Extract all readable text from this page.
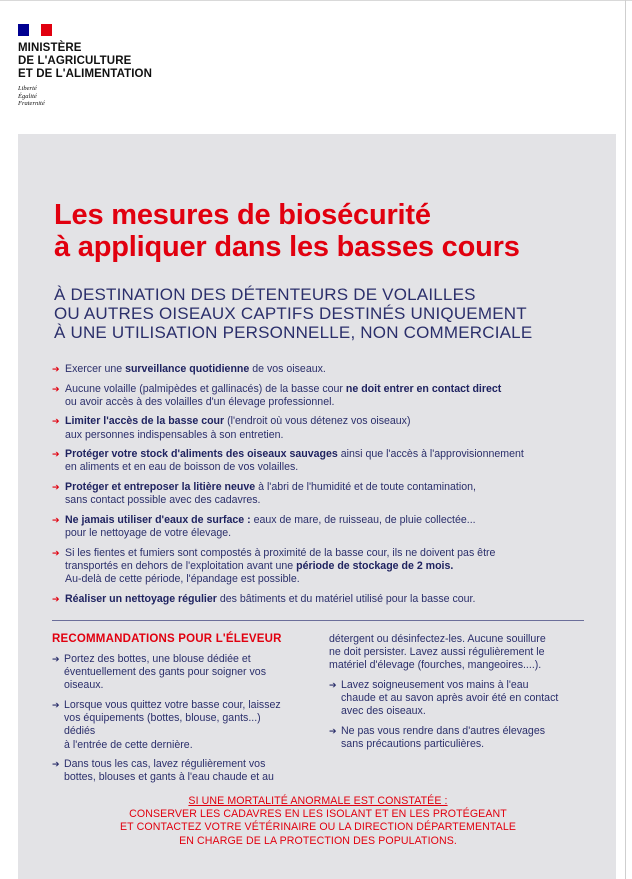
MINISTÈRE
DE L'AGRICULTURE
ET DE L'ALIMENTATION
Liberté
Égalité
Fraternité
Les mesures de biosécurité
à appliquer dans les basses cours
À DESTINATION DES DÉTENTEURS DE VOLAILLES
OU AUTRES OISEAUX CAPTIFS DESTINÉS UNIQUEMENT
À UNE UTILISATION PERSONNELLE, NON COMMERCIALE
➔ Exercer une surveillance quotidienne de vos oiseaux.
➔ Aucune volaille (palmipèdes et gallinacés) de la basse cour ne doit entrer en contact direct
ou avoir accès à des volailles d'un élevage professionnel.
➔ Limiter l'accès de la basse cour (l'endroit où vous détenez vos oiseaux)
aux personnes indispensables à son entretien.
➔ Protéger votre stock d'aliments des oiseaux sauvages ainsi que l'accès à l'approvisionnement
en aliments et en eau de boisson de vos volailles.
➔ Protéger et entreposer la litière neuve à l'abri de l'humidité et de toute contamination,
sans contact possible avec des cadavres.
➔ Ne jamais utiliser d'eaux de surface : eaux de mare, de ruisseau, de pluie collectée...
pour le nettoyage de votre élevage.
➔ Si les fientes et fumiers sont compostés à proximité de la basse cour, ils ne doivent pas être
transportés en dehors de l'exploitation avant une période de stockage de 2 mois.
Au-delà de cette période, l'épandage est possible.
➔ Réaliser un nettoyage régulier des bâtiments et du matériel utilisé pour la basse cour.
RECOMMANDATIONS POUR L'ÉLEVEUR
➔ Portez des bottes, une blouse dédiée et
éventuellement des gants pour soigner vos
oiseaux.
➔ Lorsque vous quittez votre basse cour, laissez
vos équipements (bottes, blouse, gants...) dédiés
à l'entrée de cette dernière.
➔ Dans tous les cas, lavez régulièrement vos
bottes, blouses et gants à l'eau chaude et au
détergent ou désinfectez-les. Aucune souillure
ne doit persister. Lavez aussi régulièrement le
matériel d'élevage (fourches, mangeoires....).
➔ Lavez soigneusement vos mains à l'eau
chaude et au savon après avoir été en contact
avec des oiseaux.
➔ Ne pas vous rendre dans d'autres élevages
sans précautions particulières.
SI UNE MORTALITÉ ANORMALE EST CONSTATÉE :
CONSERVER LES CADAVRES EN LES ISOLANT ET EN LES PROTÉGEANT
ET CONTACTEZ VOTRE VÉTÉRINAIRE OU LA DIRECTION DÉPARTEMENTALE
EN CHARGE DE LA PROTECTION DES POPULATIONS.
